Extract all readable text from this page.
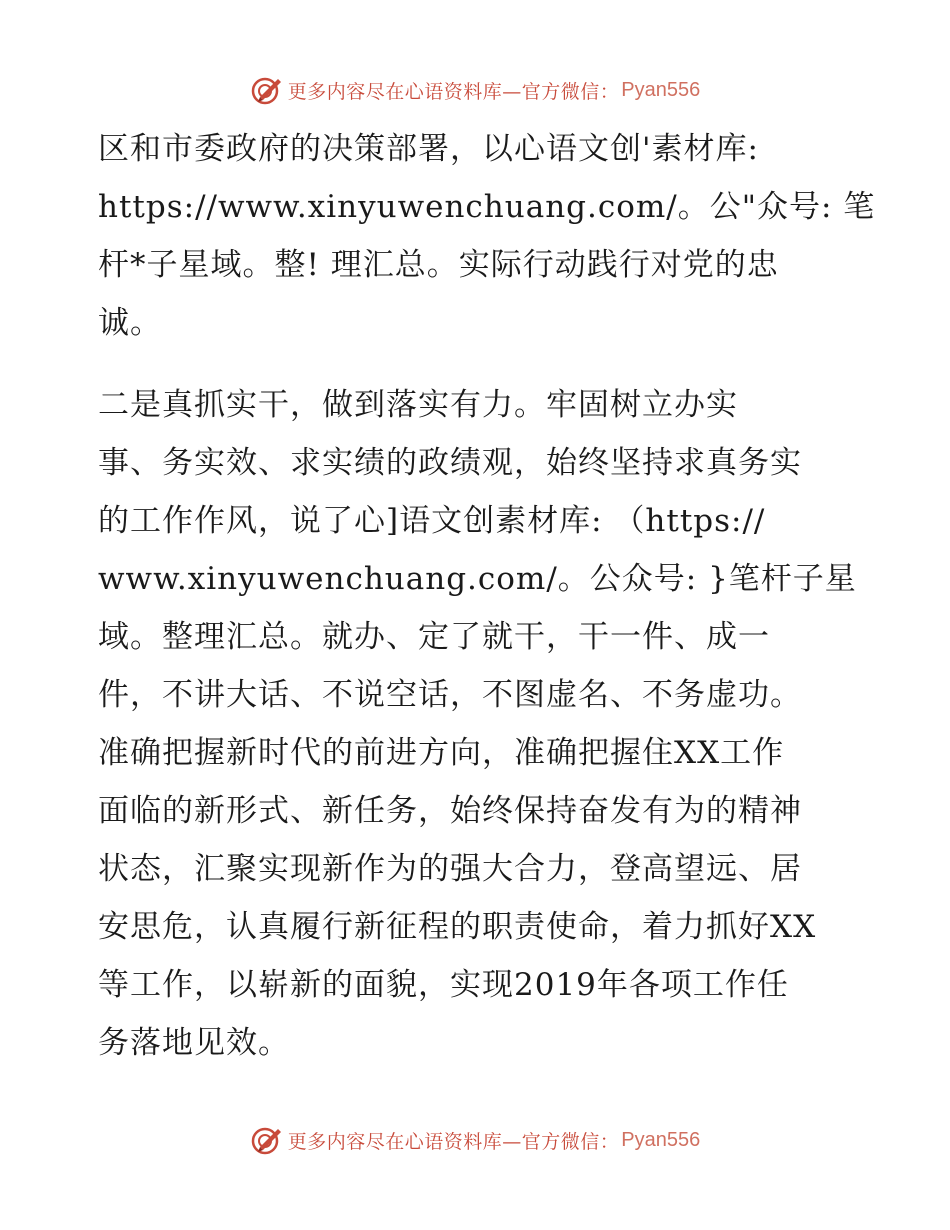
更多内容尽在心语资料库—官方微信： Pyan556
区和市委政府的决策部署，以心语文创'素材库:
https://www.xinyuwenchuang.com/。公"众号: 笔
杆*子星域。整! 理汇总。实际行动践行对党的忠
诚。
二是真抓实干，做到落实有力。牢固树立办实
事、务实效、求实绩的政绩观，始终坚持求真务实
的工作作风，说了心]语文创素材库: （https://
www.xinyuwenchuang.com/。公众号: }笔杆子星
域。整理汇总。就办、定了就干，干一件、成一
件，不讲大话、不说空话，不图虚名、不务虚功。
准确把握新时代的前进方向，准确把握住XX工作
面临的新形式、新任务，始终保持奋发有为的精神
状态，汇聚实现新作为的强大合力，登高望远、居
安思危，认真履行新征程的职责使命，着力抓好XX
等工作，以崭新的面貌，实现2019年各项工作任
务落地见效。
更多内容尽在心语资料库—官方微信： Pyan556
